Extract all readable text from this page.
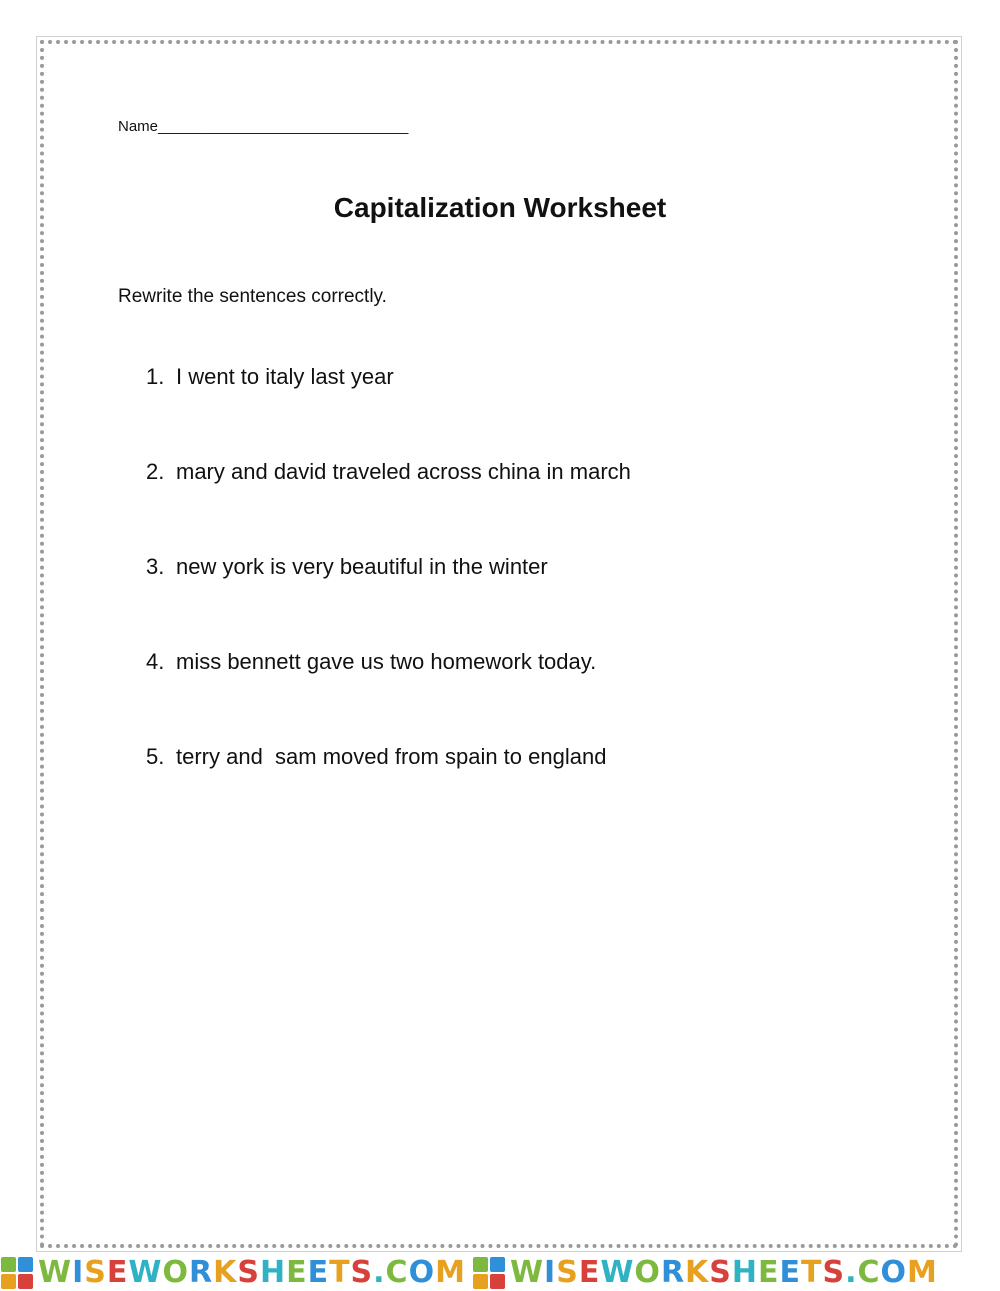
Name______________________________
Capitalization Worksheet
Rewrite the sentences correctly.
1. I went to italy last year
2. mary and david traveled across china in march
3. new york is very beautiful in the winter
4. miss bennett gave us two homework today.
5. terry and  sam moved from spain to england
WISEWORKSHEETS.COM WISEWORKSHEETS.COM
